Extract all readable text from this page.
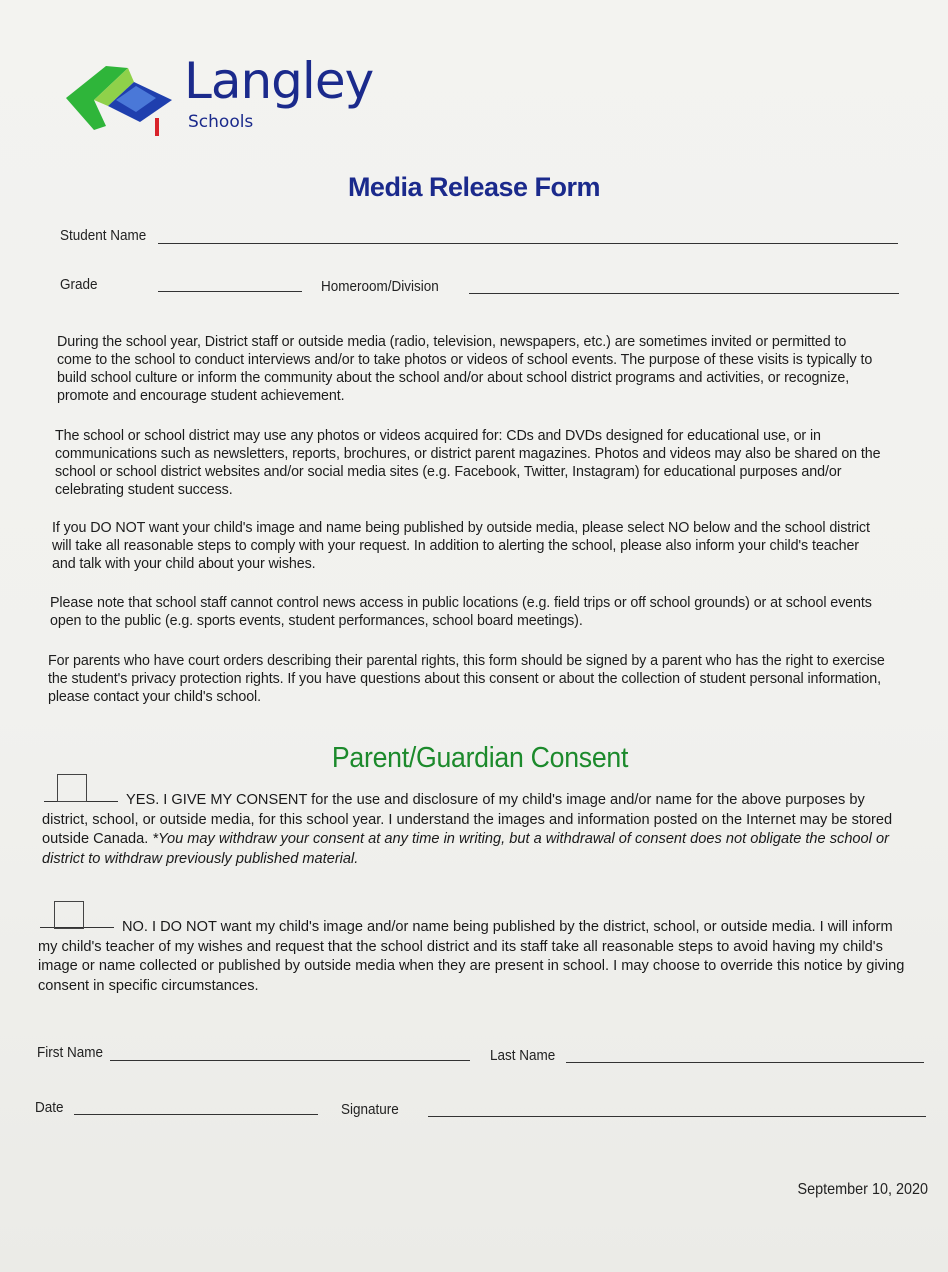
Langley
Schools
Media Release Form
Student Name
Grade	Homeroom/Division

During the school year, District staff or outside media (radio, television, newspapers, etc.) are sometimes invited or permitted to come to the school to conduct interviews and/or to take photos or videos of school events. The purpose of these visits is typically to build school culture or inform the community about the school and/or about school district programs and activities, or recognize, promote and encourage student achievement.

The school or school district may use any photos or videos acquired for: CDs and DVDs designed for educational use, or in communications such as newsletters, reports, brochures, or district parent magazines. Photos and videos may also be shared on the school or school district websites and/or social media sites (e.g. Facebook, Twitter, Instagram) for educational purposes and/or celebrating student success.

If you DO NOT want your child's image and name being published by outside media, please select NO below and the school district will take all reasonable steps to comply with your request. In addition to alerting the school, please also inform your child's teacher and talk with your child about your wishes.

Please note that school staff cannot control news access in public locations (e.g. field trips or off school grounds) or at school events open to the public (e.g. sports events, student performances, school board meetings).

For parents who have court orders describing their parental rights, this form should be signed by a parent who has the right to exercise the student's privacy protection rights. If you have questions about this consent or about the collection of student personal information, please contact your child's school.

Parent/Guardian Consent

YES. I GIVE MY CONSENT for the use and disclosure of my child's image and/or name for the above purposes by district, school, or outside media, for this school year. I understand the images and information posted on the Internet may be stored outside Canada. *You may withdraw your consent at any time in writing, but a withdrawal of consent does not obligate the school or district to withdraw previously published material.

NO. I DO NOT want my child's image and/or name being published by the district, school, or outside media. I will inform my child's teacher of my wishes and request that the school district and its staff take all reasonable steps to avoid having my child's image or name collected or published by outside media when they are present in school. I may choose to override this notice by giving consent in specific circumstances.

First Name	Last Name
Date	Signature
September 10, 2020
